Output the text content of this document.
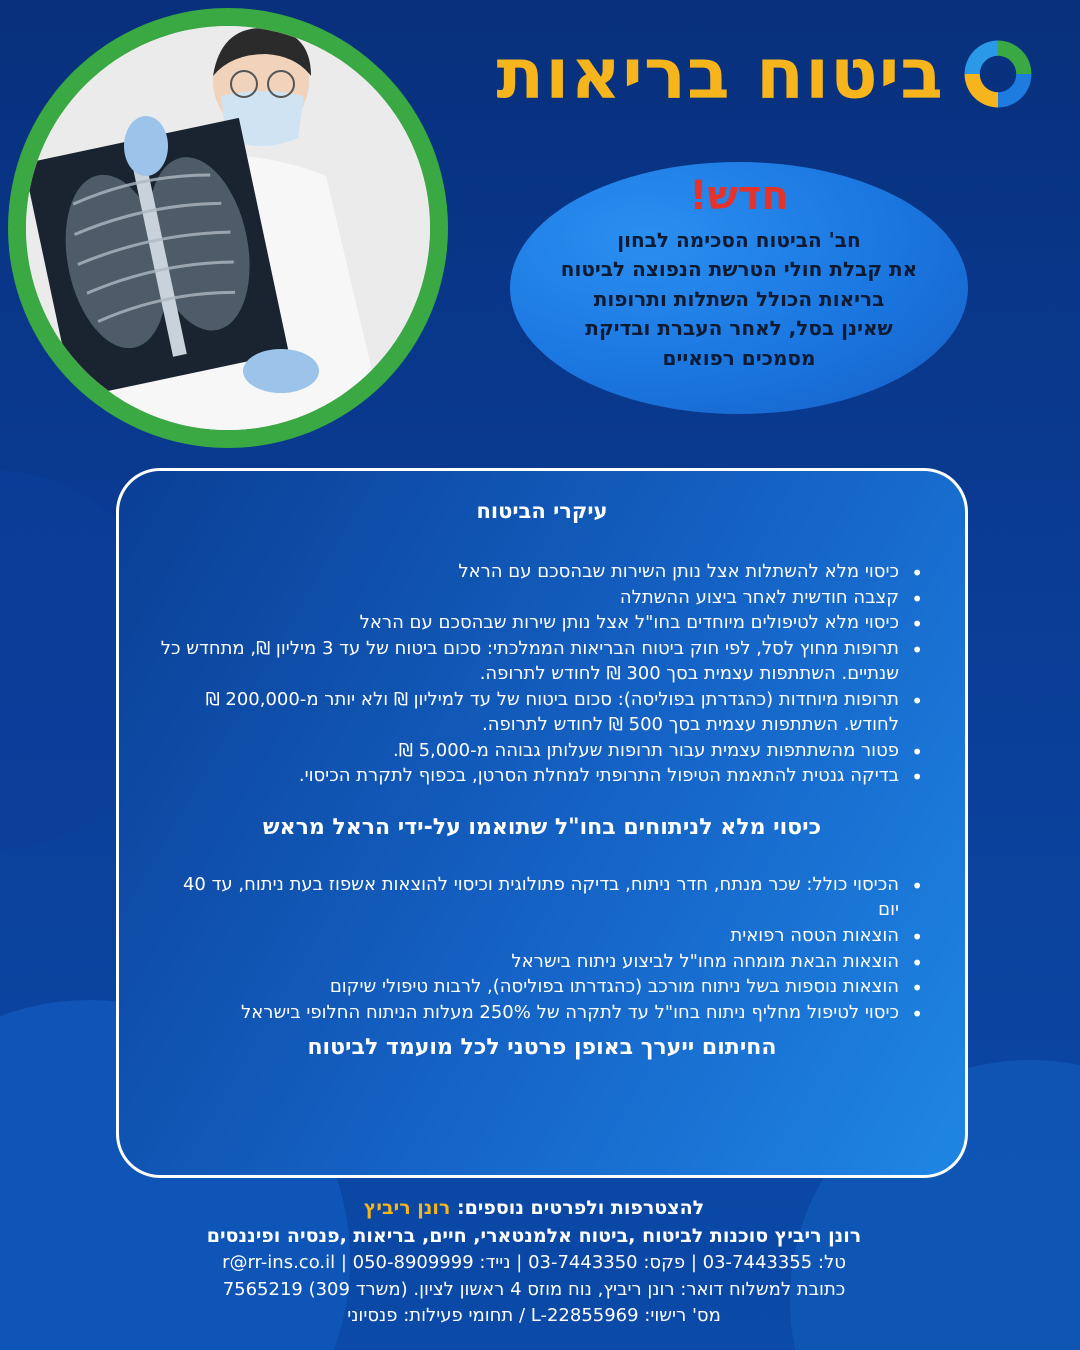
ביטוח בריאות
חדש!
חב' הביטוח הסכימה לבחון
את קבלת חולי הטרשת הנפוצה לביטוח
בריאות הכולל השתלות ותרופות
שאינן בסל, לאחר העברת ובדיקת
מסמכים רפואיים
עיקרי הביטוח
• כיסוי מלא להשתלות אצל נותן השירות שבהסכם עם הראל
• קצבה חודשית לאחר ביצוע ההשתלה
• כיסוי מלא לטיפולים מיוחדים בחו"ל אצל נותן שירות שבהסכם עם הראל
• תרופות מחוץ לסל, לפי חוק ביטוח הבריאות הממלכתי: סכום ביטוח של עד 3 מיליון ₪, מתחדש כל שנתיים. השתתפות עצמית בסך 300 ₪ לחודש לתרופה.
• תרופות מיוחדות (כהגדרתן בפוליסה): סכום ביטוח של עד למיליון ₪ ולא יותר מ-200,000 ₪ לחודש. השתתפות עצמית בסך 500 ₪ לחודש לתרופה.
• פטור מהשתתפות עצמית עבור תרופות שעלותן גבוהה מ-5,000 ₪.
• בדיקה גנטית להתאמת הטיפול התרופתי למחלת הסרטן, בכפוף לתקרת הכיסוי.
כיסוי מלא לניתוחים בחו"ל שתואמו על-ידי הראל מראש
• הכיסוי כולל: שכר מנתח, חדר ניתוח, בדיקה פתולוגית וכיסוי להוצאות אשפוז בעת ניתוח, עד 40 יום
• הוצאות הטסה רפואית
• הוצאות הבאת מומחה מחו"ל לביצוע ניתוח בישראל
• הוצאות נוספות בשל ניתוח מורכב (כהגדרתו בפוליסה), לרבות טיפולי שיקום
• כיסוי לטיפול מחליף ניתוח בחו"ל עד לתקרה של 250% מעלות הניתוח החלופי בישראל
החיתום ייערך באופן פרטני לכל מועמד לביטוח
להצטרפות ולפרטים נוספים: רונן ריביץ
רונן ריביץ סוכנות לביטוח ,ביטוח אלמנטארי, חיים, בריאות ,פנסיה ופיננסים
טל: 03-7443355 | פקס: 03-7443350 | נייד: 050-8909999 | r@rr-ins.co.il
כתובת למשלוח דואר: רונן ריביץ, נוח מוזס 4 ראשון לציון. (משרד 309) 7565219
מס' רישוי: L-22855969 / תחומי פעילות: פנסיוני
